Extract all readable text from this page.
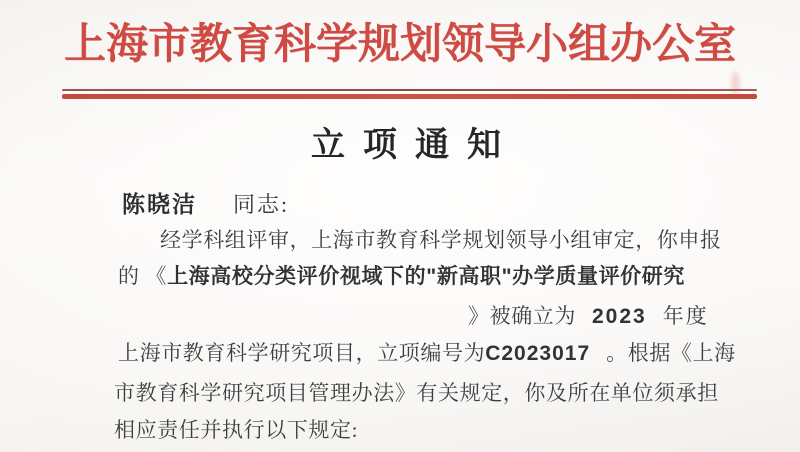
上海市教育科学规划领导小组办公室
立项通知
陈晓洁 同志:
经学科组评审，上海市教育科学规划领导小组审定，你申报
的 《上海高校分类评价视域下的"新高职"办学质量评价研究
》被确立为 2023 年度
上海市教育科学研究项目，立项编号为C2023017 。根据《上海
市教育科学研究项目管理办法》有关规定，你及所在单位须承担
相应责任并执行以下规定:
